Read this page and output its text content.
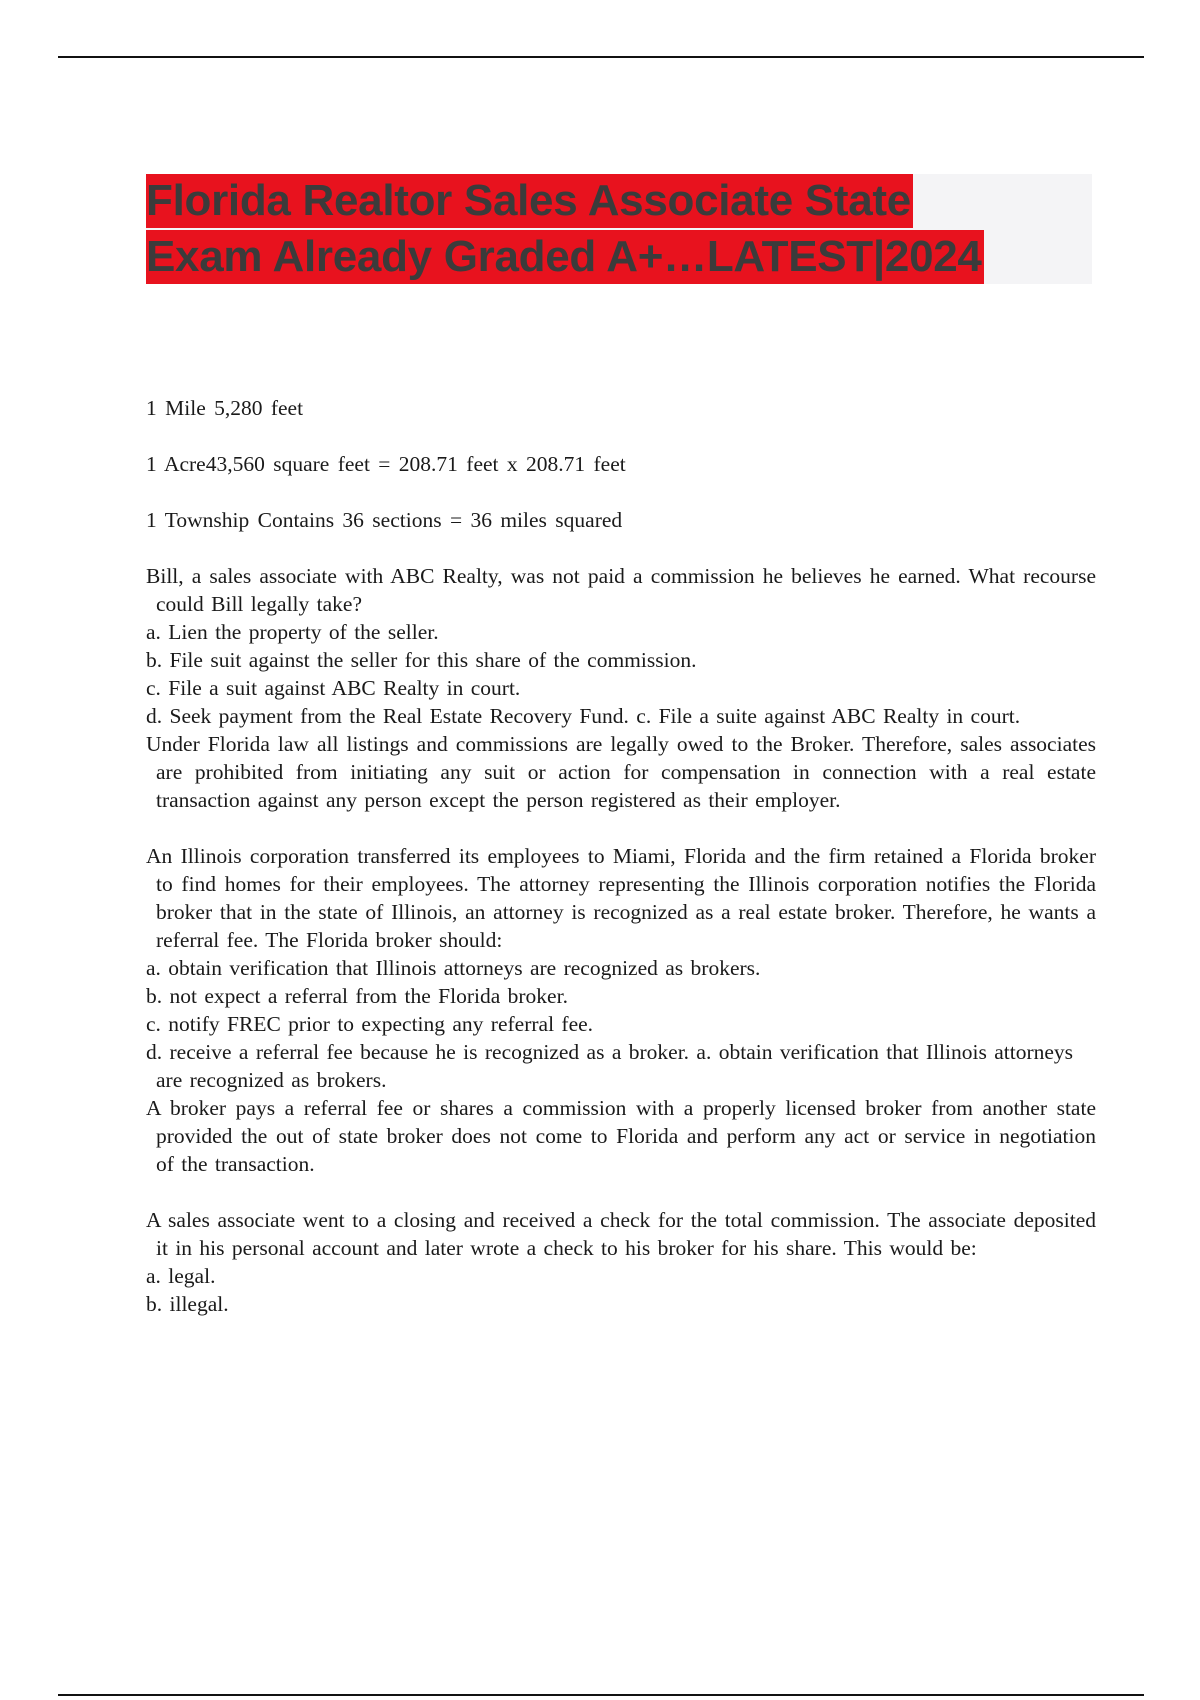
Florida Realtor Sales Associate State
Exam Already Graded A+…LATEST|2024

1 Mile 5,280 feet

1 Acre43,560 square feet = 208.71 feet x 208.71 feet

1 Township Contains 36 sections = 36 miles squared

Bill, a sales associate with ABC Realty, was not paid a commission he believes he earned. What recourse could Bill legally take?

a. Lien the property of the seller.

b. File suit against the seller for this share of the commission.

c. File a suit against ABC Realty in court.

d. Seek payment from the Real Estate Recovery Fund. c. File a suite against ABC Realty in court.

Under Florida law all listings and commissions are legally owed to the Broker. Therefore, sales associates are prohibited from initiating any suit or action for compensation in connection with a real estate transaction against any person except the person registered as their employer.

An Illinois corporation transferred its employees to Miami, Florida and the firm retained a Florida broker to find homes for their employees. The attorney representing the Illinois corporation notifies the Florida broker that in the state of Illinois, an attorney is recognized as a real estate broker. Therefore, he wants a referral fee. The Florida broker should:

a. obtain verification that Illinois attorneys are recognized as brokers.

b. not expect a referral from the Florida broker.

c. notify FREC prior to expecting any referral fee.

d. receive a referral fee because he is recognized as a broker. a. obtain verification that Illinois attorneys are recognized as brokers.

A broker pays a referral fee or shares a commission with a properly licensed broker from another state provided the out of state broker does not come to Florida and perform any act or service in negotiation of the transaction.

A sales associate went to a closing and received a check for the total commission. The associate deposited it in his personal account and later wrote a check to his broker for his share. This would be:

a. legal.

b. illegal.
